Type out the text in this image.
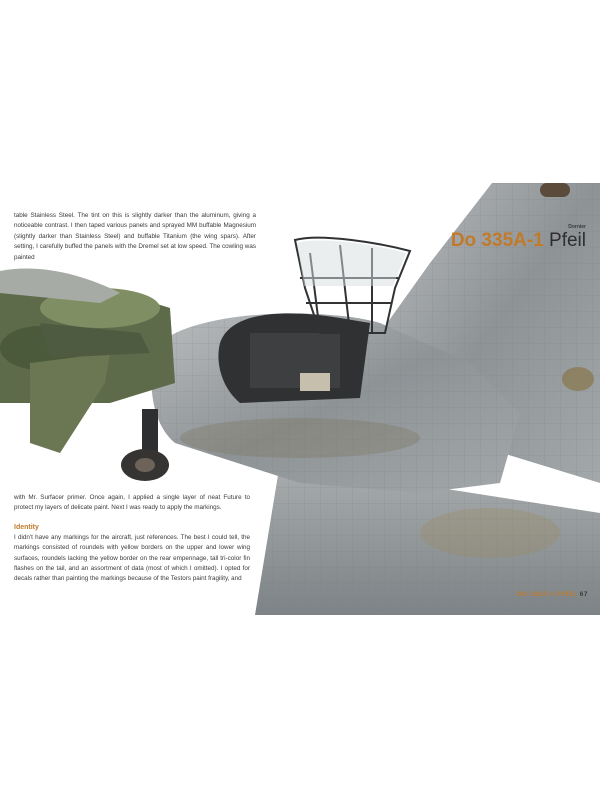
table Stainless Steel. The tint on this is slightly darker than the aluminum, giving a noticeable contrast. I then taped various panels and sprayed MM buffable Magnesium (slightly darker than Stainless Steel) and buffable Titanium (the wing spars). After setting, I carefully buffed the panels with the Dremel set at low speed. The cowling was painted
Dornier
Do 335A-1 Pfeil
with Mr. Surfacer primer. Once again, I applied a single layer of neat Future to protect my layers of delicate paint. Next I was ready to apply the markings.
Identity
I didn't have any markings for the aircraft, just references. The best I could tell, the markings consisted of roundels with yellow borders on the upper and lower wing surfaces, roundels lacking the yellow border on the rear empennage, tall tri-color fin flashes on the tail, and an assortment of data (most of which I omitted). I opted for decals rather than painting the markings because of the Testors paint fragility, and
DO 335A-1 PFEIL 67
